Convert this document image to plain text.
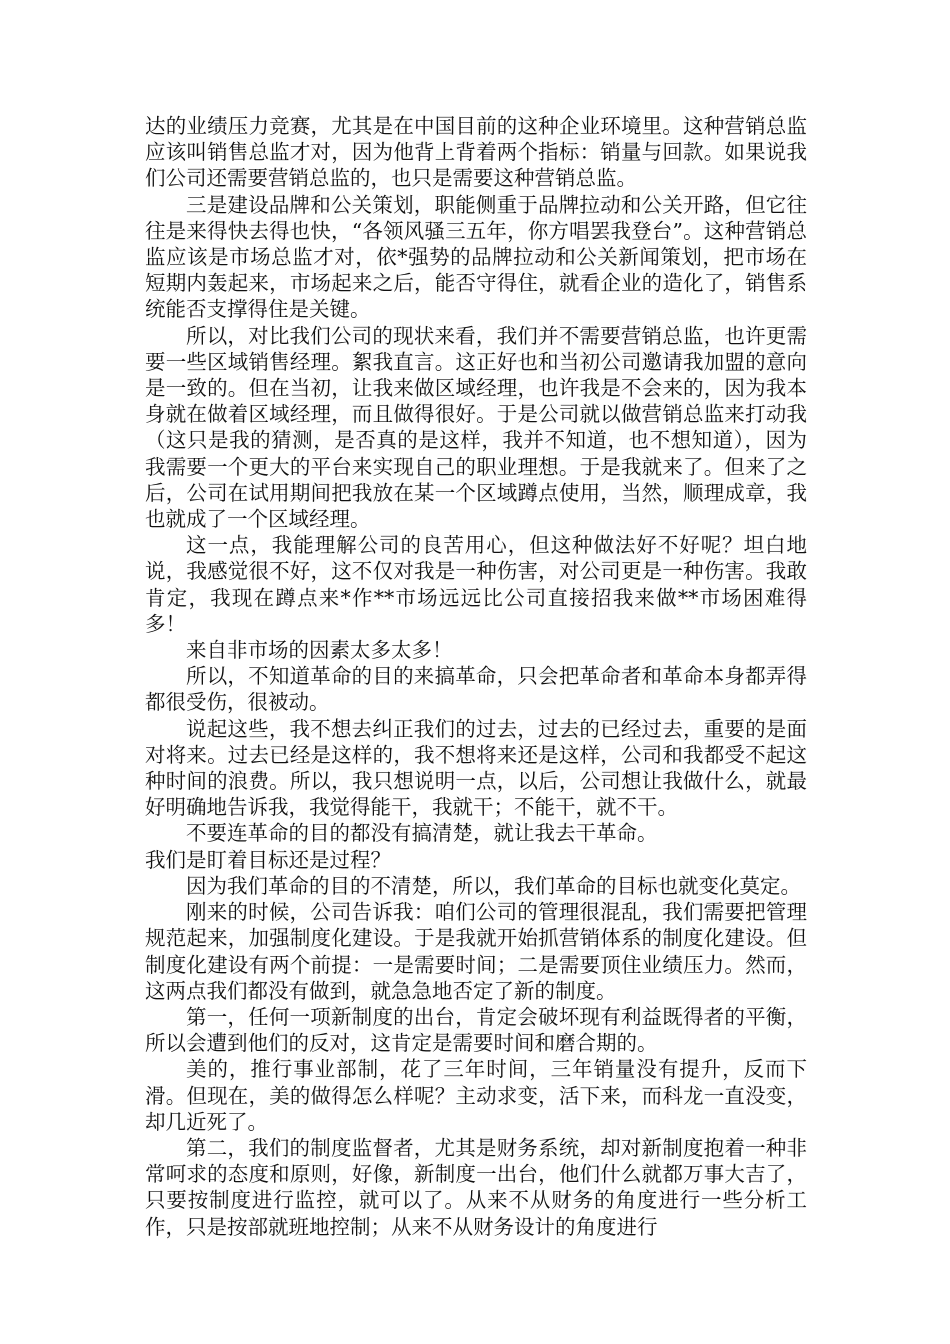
达的业绩压力竞赛，尤其是在中国目前的这种企业环境里。这种营销总监应该叫销售总监才对，因为他背上背着两个指标：销量与回款。如果说我们公司还需要营销总监的，也只是需要这种营销总监。

三是建设品牌和公关策划，职能侧重于品牌拉动和公关开路，但它往往是来得快去得也快，“各领风骚三五年，你方唱罢我登台”。这种营销总监应该是市场总监才对，依*强势的品牌拉动和公关新闻策划，把市场在短期内轰起来，市场起来之后，能否守得住，就看企业的造化了，销售系统能否支撑得住是关键。

所以，对比我们公司的现状来看，我们并不需要营销总监，也许更需要一些区域销售经理。絮我直言。这正好也和当初公司邀请我加盟的意向是一致的。但在当初，让我来做区域经理，也许我是不会来的，因为我本身就在做着区域经理，而且做得很好。于是公司就以做营销总监来打动我（这只是我的猜测，是否真的是这样，我并不知道，也不想知道），因为我需要一个更大的平台来实现自己的职业理想。于是我就来了。但来了之后，公司在试用期间把我放在某一个区域蹲点使用，当然，顺理成章，我也就成了一个区域经理。

这一点，我能理解公司的良苦用心，但这种做法好不好呢？坦白地说，我感觉很不好，这不仅对我是一种伤害，对公司更是一种伤害。我敢肯定，我现在蹲点来*作**市场远远比公司直接招我来做**市场困难得多！

来自非市场的因素太多太多！

所以，不知道革命的目的来搞革命，只会把革命者和革命本身都弄得都很受伤，很被动。

说起这些，我不想去纠正我们的过去，过去的已经过去，重要的是面对将来。过去已经是这样的，我不想将来还是这样，公司和我都受不起这种时间的浪费。所以，我只想说明一点，以后，公司想让我做什么，就最好明确地告诉我，我觉得能干，我就干；不能干，就不干。

不要连革命的目的都没有搞清楚，就让我去干革命。

我们是盯着目标还是过程？

因为我们革命的目的不清楚，所以，我们革命的目标也就变化莫定。

刚来的时候，公司告诉我：咱们公司的管理很混乱，我们需要把管理规范起来，加强制度化建设。于是我就开始抓营销体系的制度化建设。但制度化建设有两个前提：一是需要时间；二是需要顶住业绩压力。然而，这两点我们都没有做到，就急急地否定了新的制度。

第一，任何一项新制度的出台，肯定会破坏现有利益既得者的平衡，所以会遭到他们的反对，这肯定是需要时间和磨合期的。

美的，推行事业部制，花了三年时间，三年销量没有提升，反而下滑。但现在，美的做得怎么样呢？主动求变，活下来，而科龙一直没变，却几近死了。

第二，我们的制度监督者，尤其是财务系统，却对新制度抱着一种非常呵求的态度和原则，好像，新制度一出台，他们什么就都万事大吉了，只要按制度进行监控，就可以了。从来不从财务的角度进行一些分析工作，只是按部就班地控制；从来不从财务设计的角度进行
